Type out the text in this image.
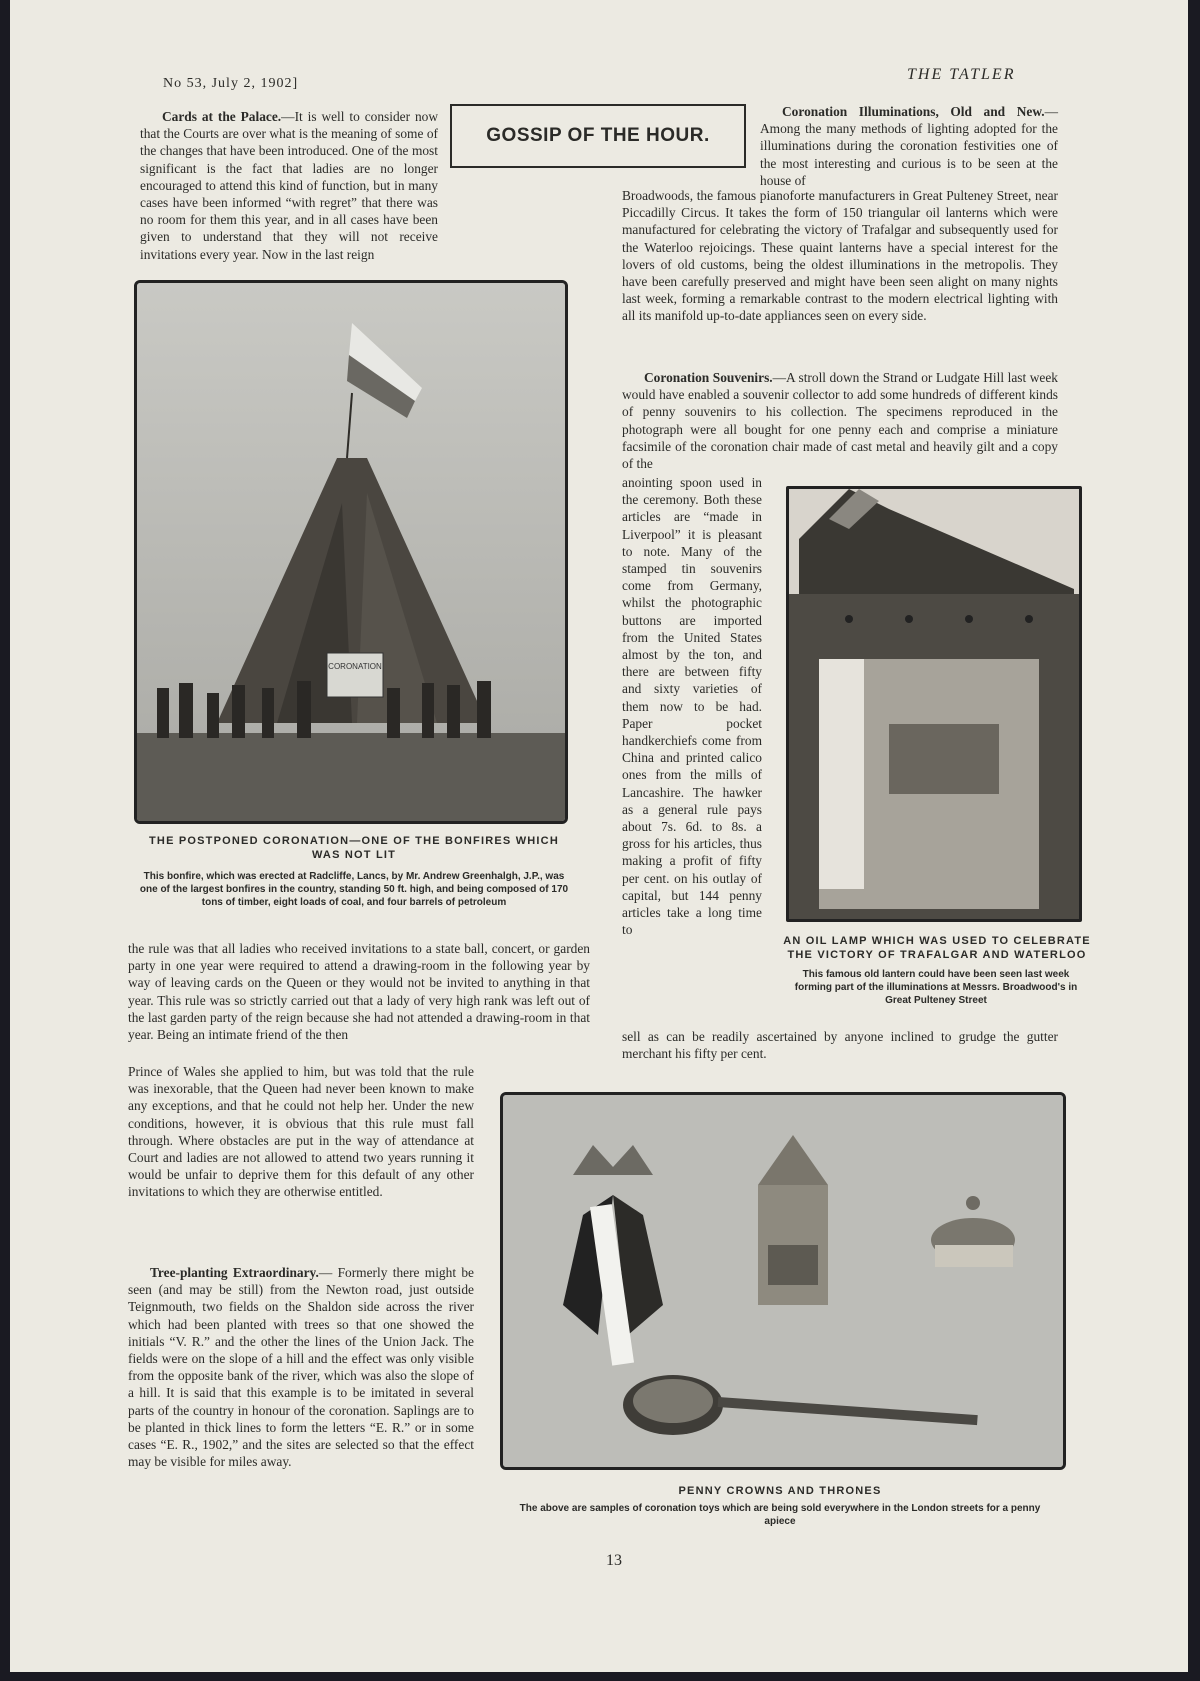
No 53, July 2, 1902]
THE TATLER
GOSSIP OF THE HOUR.
Cards at the Palace.—It is well to consider now that the Courts are over what is the meaning of some of the changes that have been introduced. One of the most significant is the fact that ladies are no longer encouraged to attend this kind of function, but in many cases have been informed “with regret” that there was no room for them this year, and in all cases have been given to understand that they will not receive invitations every year. Now in the last reign
Coronation Illuminations, Old and New.— Among the many methods of lighting adopted for the illuminations during the coronation festivities one of the most interesting and curious is to be seen at the house of
Broadwoods, the famous pianoforte manufacturers in Great Pulteney Street, near Piccadilly Circus. It takes the form of 150 triangular oil lanterns which were manufactured for celebrating the victory of Trafalgar and subsequently used for the Waterloo rejoicings. These quaint lanterns have a special interest for the lovers of old customs, being the oldest illuminations in the metropolis. They have been carefully preserved and might have been seen alight on many nights last week, forming a remarkable contrast to the modern electrical lighting with all its manifold up-to-date appliances seen on every side.
CORONATION
THE POSTPONED CORONATION—ONE OF THE BONFIRES WHICH WAS NOT LIT
This bonfire, which was erected at Radcliffe, Lancs, by Mr. Andrew Greenhalgh, J.P., was one of the largest bonfires in the country, standing 50 ft. high, and being composed of 170 tons of timber, eight loads of coal, and four barrels of petroleum
the rule was that all ladies who received invitations to a state ball, concert, or garden party in one year were required to attend a drawing-room in the following year by way of leaving cards on the Queen or they would not be invited to anything in that year. This rule was so strictly carried out that a lady of very high rank was left out of the last garden party of the reign because she had not attended a drawing-room in that year. Being an intimate friend of the then
Prince of Wales she applied to him, but was told that the rule was inexorable, that the Queen had never been known to make any exceptions, and that he could not help her. Under the new conditions, however, it is obvious that this rule must fall through. Where obstacles are put in the way of attendance at Court and ladies are not allowed to attend two years running it would be unfair to deprive them for this default of any other invitations to which they are otherwise entitled.
Tree-planting Extraordinary.— Formerly there might be seen (and may be still) from the Newton road, just outside Teignmouth, two fields on the Shaldon side across the river which had been planted with trees so that one showed the initials “V. R.” and the other the lines of the Union Jack. The fields were on the slope of a hill and the effect was only visible from the opposite bank of the river, which was also the slope of a hill. It is said that this example is to be imitated in several parts of the country in honour of the coronation. Saplings are to be planted in thick lines to form the letters “E. R.” or in some cases “E. R., 1902,” and the sites are selected so that the effect may be visible for miles away.
Coronation Souvenirs.—A stroll down the Strand or Ludgate Hill last week would have enabled a souvenir collector to add some hundreds of different kinds of penny souvenirs to his collection. The specimens reproduced in the photograph were all bought for one penny each and comprise a miniature facsimile of the coronation chair made of cast metal and heavily gilt and a copy of the
anointing spoon used in the ceremony. Both these articles are “made in Liverpool” it is pleasant to note. Many of the stamped tin souvenirs come from Germany, whilst the photographic buttons are imported from the United States almost by the ton, and there are between fifty and sixty varieties of them now to be had. Paper pocket handkerchiefs come from China and printed calico ones from the mills of Lancashire. The hawker as a general rule pays about 7s. 6d. to 8s. a gross for his articles, thus making a profit of fifty per cent. on his outlay of capital, but 144 penny articles take a long time to
sell as can be readily ascertained by anyone inclined to grudge the gutter merchant his fifty per cent.
AN OIL LAMP WHICH WAS USED TO CELEBRATE THE VICTORY OF TRAFALGAR AND WATERLOO
This famous old lantern could have been seen last week forming part of the illuminations at Messrs. Broadwood's in Great Pulteney Street
PENNY CROWNS AND THRONES
The above are samples of coronation toys which are being sold everywhere in the London streets for a penny apiece
13
